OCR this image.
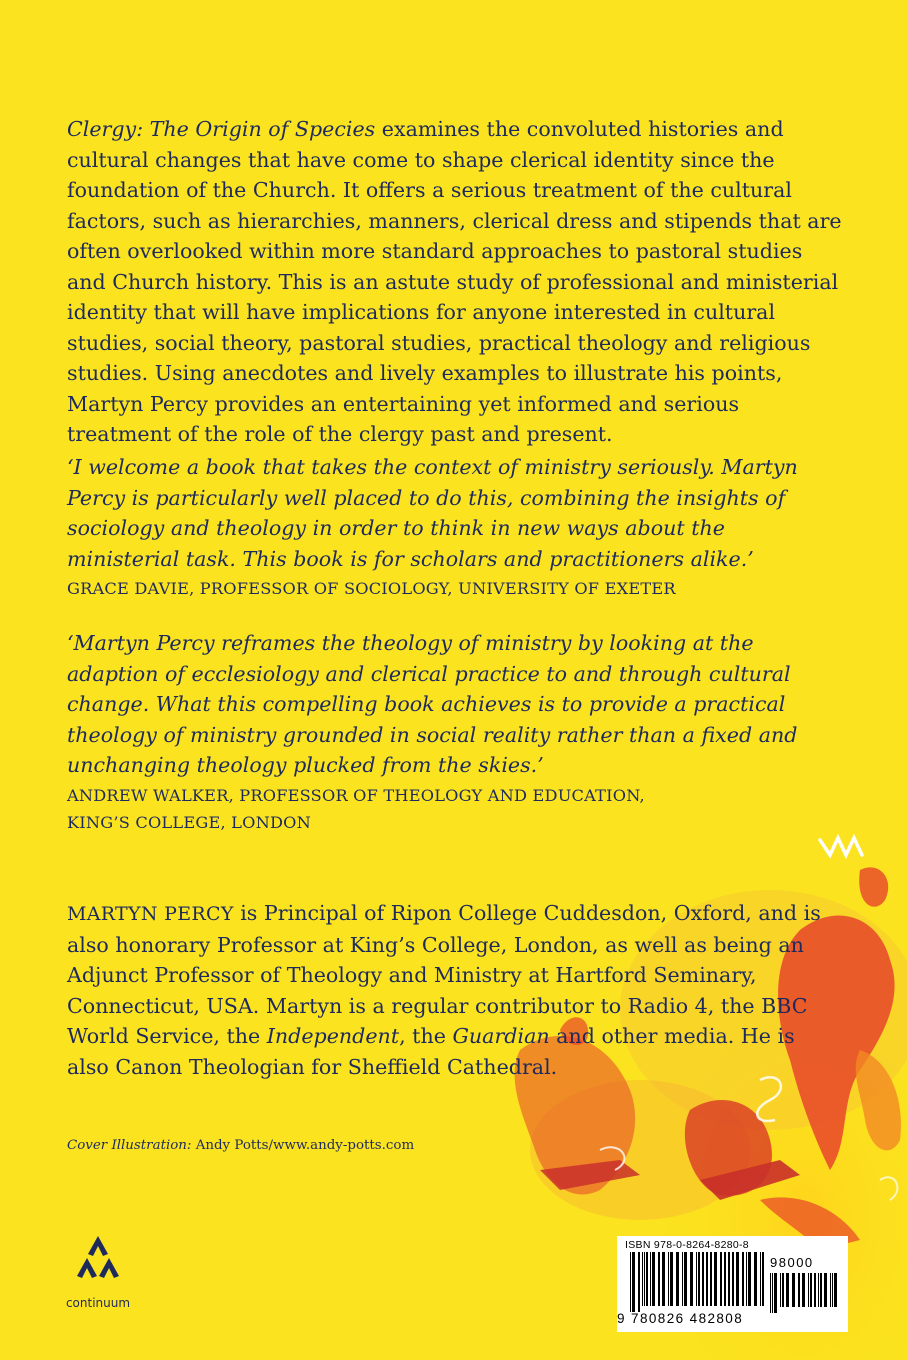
Clergy: The Origin of Species examines the convoluted histories and cultural changes that have come to shape clerical identity since the foundation of the Church. It offers a serious treatment of the cultural factors, such as hierarchies, manners, clerical dress and stipends that are often overlooked within more standard approaches to pastoral studies and Church history. This is an astute study of professional and ministerial identity that will have implications for anyone interested in cultural studies, social theory, pastoral studies, practical theology and religious studies. Using anecdotes and lively examples to illustrate his points, Martyn Percy provides an entertaining yet informed and serious treatment of the role of the clergy past and present.
‘I welcome a book that takes the context of ministry seriously. Martyn Percy is particularly well placed to do this, combining the insights of sociology and theology in order to think in new ways about the ministerial task. This book is for scholars and practitioners alike.’
GRACE DAVIE, PROFESSOR OF SOCIOLOGY, UNIVERSITY OF EXETER
‘Martyn Percy reframes the theology of ministry by looking at the adaption of ecclesiology and clerical practice to and through cultural change. What this compelling book achieves is to provide a practical theology of ministry grounded in social reality rather than a fixed and unchanging theology plucked from the skies.’
ANDREW WALKER, PROFESSOR OF THEOLOGY AND EDUCATION,
KING’S COLLEGE, LONDON
MARTYN PERCY is Principal of Ripon College Cuddesdon, Oxford, and is also honorary Professor at King’s College, London, as well as being an Adjunct Professor of Theology and Ministry at Hartford Seminary, Connecticut, USA. Martyn is a regular contributor to Radio 4, the BBC World Service, the Independent, the Guardian and other media. He is also Canon Theologian for Sheffield Cathedral.
Cover Illustration: Andy Potts/www.andy-potts.com
continuum
ISBN 978-0-8264-8280-8
98000
9 780826 482808
